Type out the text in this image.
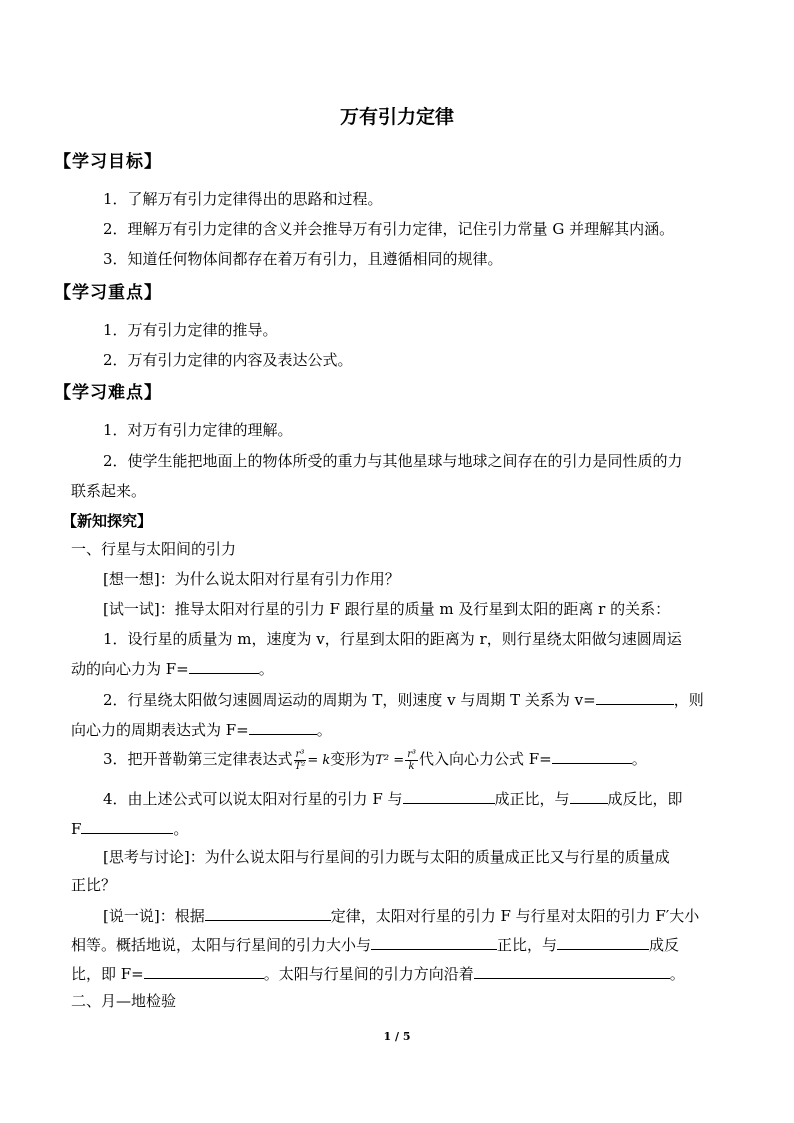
万有引力定律
【学习目标】
1．了解万有引力定律得出的思路和过程。
2．理解万有引力定律的含义并会推导万有引力定律，记住引力常量 G 并理解其内涵。
3．知道任何物体间都存在着万有引力，且遵循相同的规律。
【学习重点】
1．万有引力定律的推导。
2．万有引力定律的内容及表达公式。
【学习难点】
1．对万有引力定律的理解。
2．使学生能把地面上的物体所受的重力与其他星球与地球之间存在的引力是同性质的力
联系起来。
【新知探究】
一、行星与太阳间的引力
[想一想]：为什么说太阳对行星有引力作用？
[试一试]：推导太阳对行星的引力 F 跟行星的质量 m 及行星到太阳的距离 r 的关系：
1．设行星的质量为 m，速度为 v，行星到太阳的距离为 r，则行星绕太阳做匀速圆周运
动的向心力为 F=	。
2．行星绕太阳做匀速圆周运动的周期为 T，则速度 v 与周期 T 关系为 v=	，则
向心力的周期表达式为 F=	。
3．把开普勒第三定律表达式 $\frac{\text{r³}}{\text{T²}} = k$变形为$T^2 = \frac{\text{r³}}{k}$ 代入向心力公式 F=	。
4．由上述公式可以说太阳对行星的引力 F 与	成正比，与	成反比，即
F	。
[思考与讨论]：为什么说太阳与行星间的引力既与太阳的质量成正比又与行星的质量成
正比？
[说一说]：根据	定律，太阳对行星的引力 F 与行星对太阳的引力 F′大小
相等。概括地说，太阳与行星间的引力大小与	正比，与	成反
比，即 F=	。太阳与行星间的引力方向沿着	。
二、月—地检验
1 / 5
